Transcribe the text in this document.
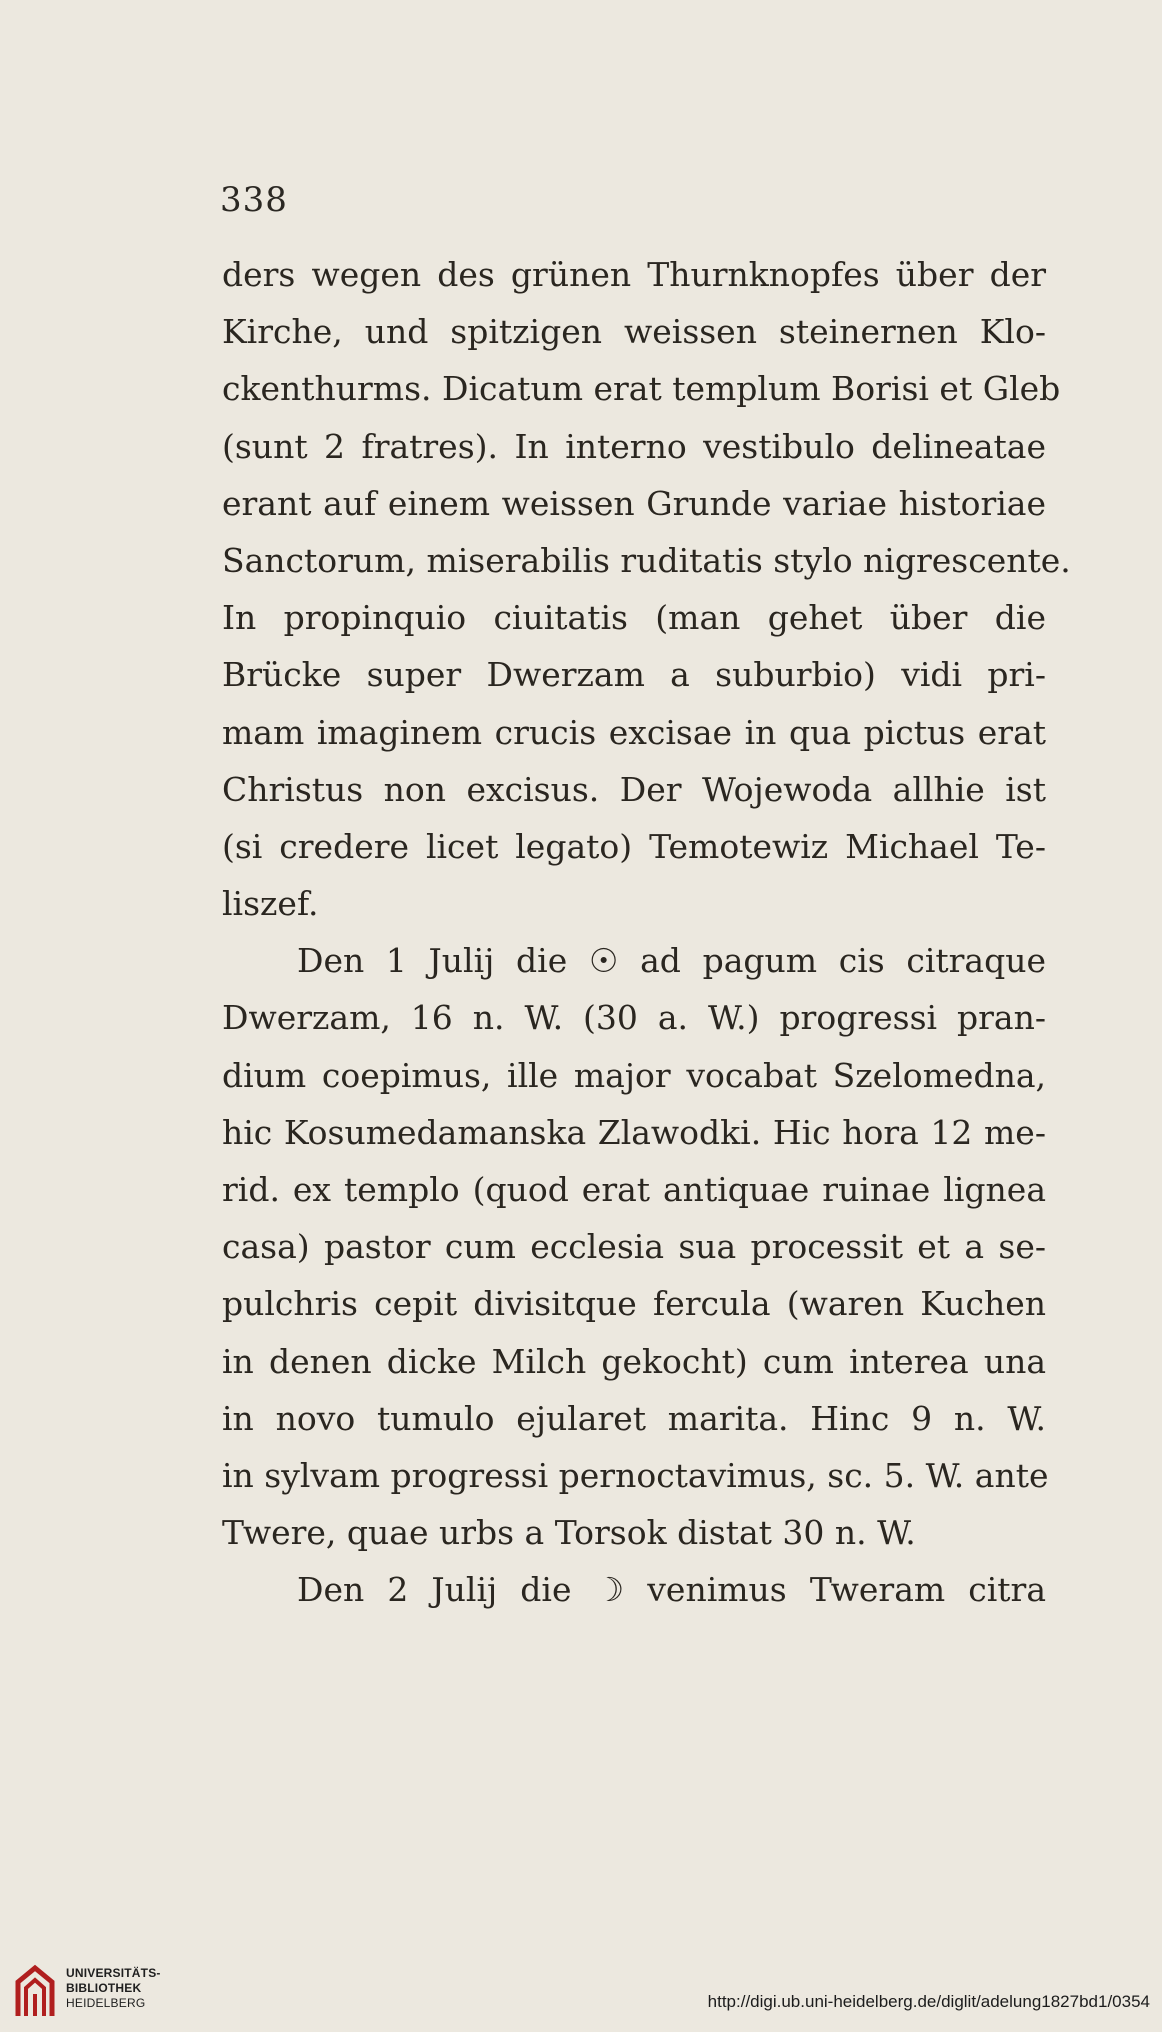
338
ders wegen des grünen Thurnknopfes über der
Kirche, und spitzigen weissen steinernen Klo-
ckenthurms. Dicatum erat templum Borisi et Gleb
(sunt 2 fratres). In interno vestibulo delineatae
erant auf einem weissen Grunde variae historiae
Sanctorum, miserabilis ruditatis stylo nigrescente.
In propinquio ciuitatis (man gehet über die
Brücke super Dwerzam a suburbio) vidi pri-
mam imaginem crucis excisae in qua pictus erat
Christus non excisus. Der Wojewoda allhie ist
(si credere licet legato) Temotewiz Michael Te-
liszef.
Den 1 Julij die ☉ ad pagum cis citraque
Dwerzam, 16 n. W. (30 a. W.) progressi pran-
dium coepimus, ille major vocabat Szelomedna,
hic Kosumedamanska Zlawodki. Hic hora 12 me-
rid. ex templo (quod erat antiquae ruinae lignea
casa) pastor cum ecclesia sua processit et a se-
pulchris cepit divisitque fercula (waren Kuchen
in denen dicke Milch gekocht) cum interea una
in novo tumulo ejularet marita. Hinc 9 n. W.
in sylvam progressi pernoctavimus, sc. 5. W. ante
Twere, quae urbs a Torsok distat 30 n. W.
Den 2 Julij die ☽ venimus Tweram citra
UNIVERSITÄTS-
BIBLIOTHEK
HEIDELBERG	http://digi.ub.uni-heidelberg.de/diglit/adelung1827bd1/0354
